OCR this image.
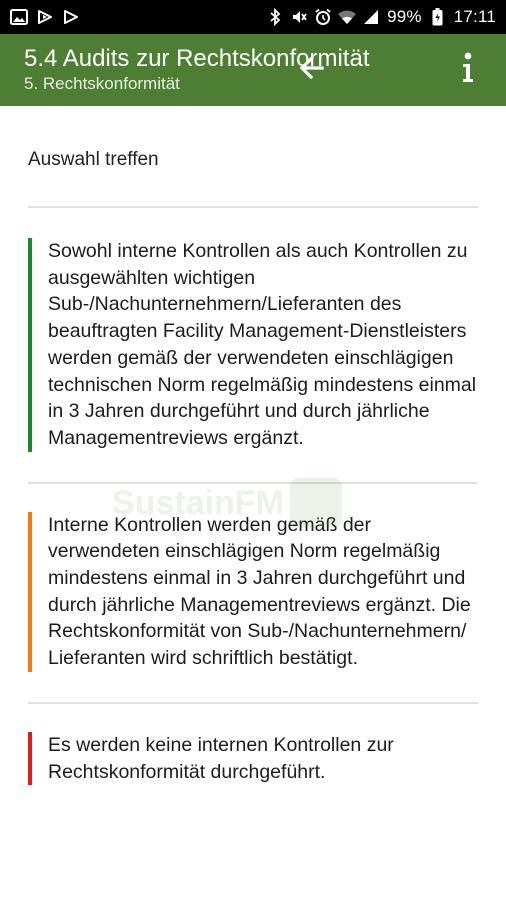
99% 17:11
5.4 Audits zur Rechtskonformität
5. Rechtskonformität
Auswahl treffen
Sowohl interne Kontrollen als auch Kontrollen zu ausgewählten wichtigen Sub-/Nachunternehmern/Lieferanten des beauftragten Facility Management-Dienstleisters werden gemäß der verwendeten einschlägigen technischen Norm regelmäßig mindestens einmal in 3 Jahren durchgeführt und durch jährliche Managementreviews ergänzt.
Interne Kontrollen werden gemäß der verwendeten einschlägigen Norm regelmäßig mindestens einmal in 3 Jahren durchgeführt und durch jährliche Managementreviews ergänzt. Die Rechtskonformität von Sub-/Nachunternehmern/ Lieferanten wird schriftlich bestätigt.
Es werden keine internen Kontrollen zur Rechtskonformität durchgeführt.
SustainFM
